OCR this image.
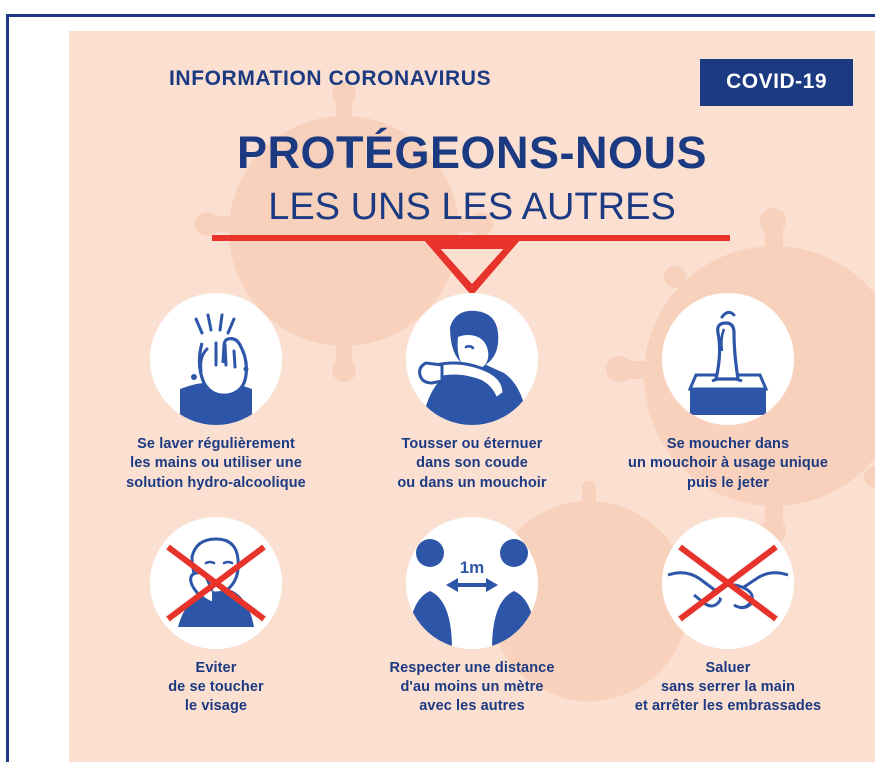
INFORMATION CORONAVIRUS	COVID-19
PROTÉGEONS-NOUS
LES UNS LES AUTRES
Se laver régulièrement
les mains ou utiliser une
solution hydro-alcoolique
Tousser ou éternuer
dans son coude
ou dans un mouchoir
Se moucher dans
un mouchoir à usage unique
puis le jeter
Eviter
de se toucher
le visage
1m
Respecter une distance
d'au moins un mètre
avec les autres
Saluer
sans serrer la main
et arrêter les embrassades
